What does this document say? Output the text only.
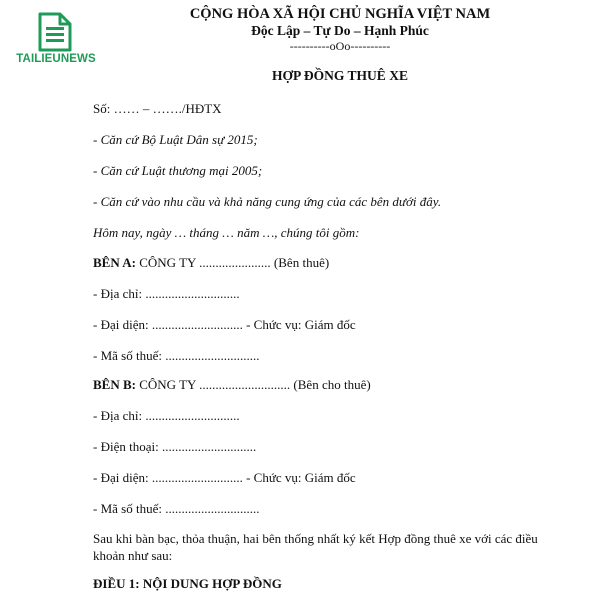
TAILIEUNEWS
CỘNG HÒA XÃ HỘI CHỦ NGHĨA VIỆT NAM
Độc Lập – Tự Do – Hạnh Phúc
----------oOo----------
HỢP ĐỒNG THUÊ XE
Số: …… – ……./HĐTX
- Căn cứ Bộ Luật Dân sự 2015;
- Căn cứ Luật thương mại 2005;
- Căn cứ vào nhu cầu và khả năng cung ứng của các bên dưới đây.
Hôm nay, ngày … tháng … năm …, chúng tôi gồm:
BÊN A: CÔNG TY ...................... (Bên thuê)
- Địa chỉ: .............................
- Đại diện: ............................ - Chức vụ: Giám đốc
- Mã số thuế: .............................
BÊN B: CÔNG TY ............................ (Bên cho thuê)
- Địa chỉ: .............................
- Điện thoại: .............................
- Đại diện: ............................ - Chức vụ: Giám đốc
- Mã số thuế: .............................
Sau khi bàn bạc, thỏa thuận, hai bên thống nhất ký kết Hợp đồng thuê xe với các điều khoản như sau:
ĐIỀU 1: NỘI DUNG HỢP ĐỒNG
